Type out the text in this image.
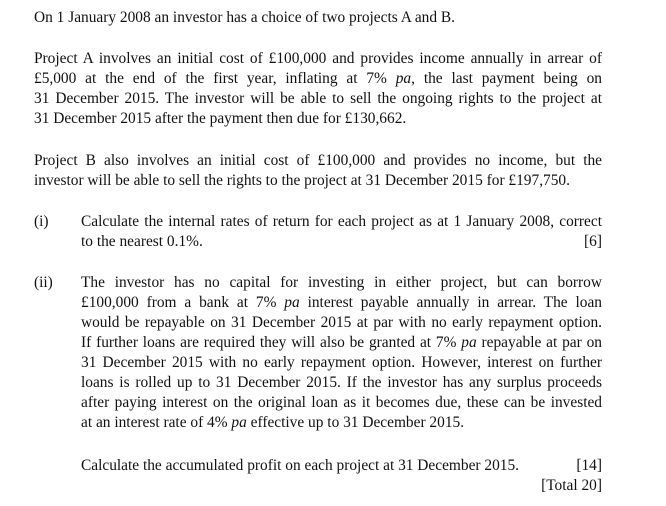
On 1 January 2008 an investor has a choice of two projects A and B.

Project A involves an initial cost of £100,000 and provides income annually in arrear of
£5,000 at the end of the first year, inflating at 7% pa, the last payment being on
31 December 2015. The investor will be able to sell the ongoing rights to the project at
31 December 2015 after the payment then due for £130,662.

Project B also involves an initial cost of £100,000 and provides no income, but the
investor will be able to sell the rights to the project at 31 December 2015 for £197,750.

(i) Calculate the internal rates of return for each project as at 1 January 2008, correct
to the nearest 0.1%.	[6]
(ii) The investor has no capital for investing in either project, but can borrow
£100,000 from a bank at 7% pa interest payable annually in arrear. The loan
would be repayable on 31 December 2015 at par with no early repayment option.
If further loans are required they will also be granted at 7% pa repayable at par on
31 December 2015 with no early repayment option. However, interest on further
loans is rolled up to 31 December 2015. If the investor has any surplus proceeds
after paying interest on the original loan as it becomes due, these can be invested
at an interest rate of 4% pa effective up to 31 December 2015.
Calculate the accumulated profit on each project at 31 December 2015.	[14]
[Total 20]
